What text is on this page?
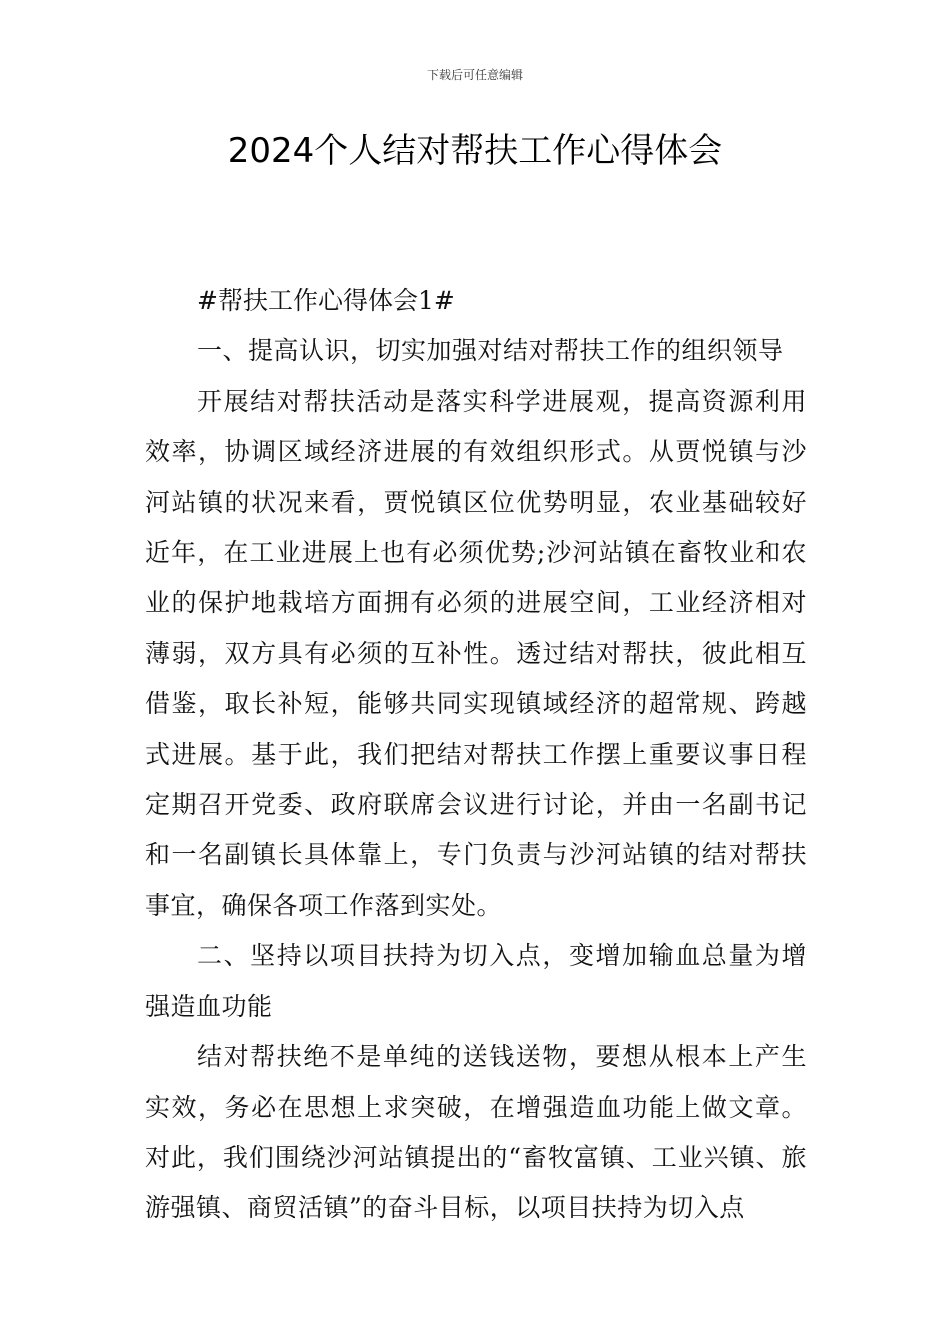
下载后可任意编辑
2024个人结对帮扶工作心得体会

#帮扶工作心得体会1#

一、提高认识，切实加强对结对帮扶工作的组织领导

开展结对帮扶活动是落实科学进展观，提高资源利用效率，协调区域经济进展的有效组织形式。从贾悦镇与沙河站镇的状况来看，贾悦镇区位优势明显，农业基础较好近年，在工业进展上也有必须优势;沙河站镇在畜牧业和农业的保护地栽培方面拥有必须的进展空间，工业经济相对薄弱，双方具有必须的互补性。透过结对帮扶，彼此相互借鉴，取长补短，能够共同实现镇域经济的超常规、跨越式进展。基于此，我们把结对帮扶工作摆上重要议事日程定期召开党委、政府联席会议进行讨论，并由一名副书记和一名副镇长具体靠上，专门负责与沙河站镇的结对帮扶事宜，确保各项工作落到实处。

二、坚持以项目扶持为切入点，变增加输血总量为增强造血功能

结对帮扶绝不是单纯的送钱送物，要想从根本上产生实效，务必在思想上求突破，在增强造血功能上做文章。对此，我们围绕沙河站镇提出的“畜牧富镇、工业兴镇、旅游强镇、商贸活镇”的奋斗目标，以项目扶持为切入点
